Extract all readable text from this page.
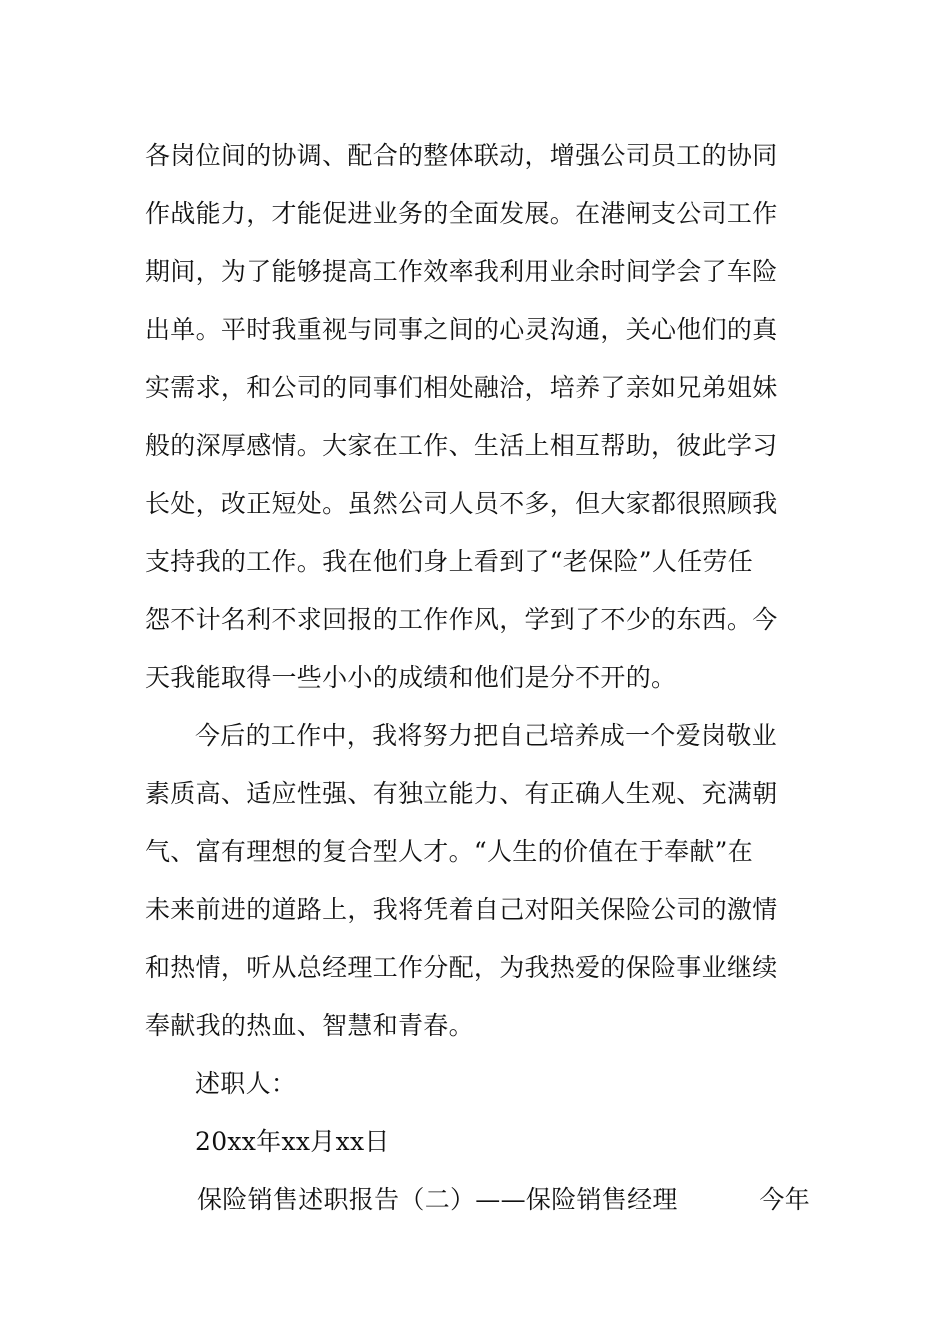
各岗位间的协调、配合的整体联动，增强公司员工的协同
作战能力，才能促进业务的全面发展。在港闸支公司工作
期间，为了能够提高工作效率我利用业余时间学会了车险
出单。平时我重视与同事之间的心灵沟通，关心他们的真
实需求，和公司的同事们相处融洽，培养了亲如兄弟姐妹
般的深厚感情。大家在工作、生活上相互帮助，彼此学习
长处，改正短处。虽然公司人员不多，但大家都很照顾我
支持我的工作。我在他们身上看到了“老保险”人任劳任
怨不计名利不求回报的工作作风，学到了不少的东西。今
天我能取得一些小小的成绩和他们是分不开的。
今后的工作中，我将努力把自己培养成一个爱岗敬业
素质高、适应性强、有独立能力、有正确人生观、充满朝
气、富有理想的复合型人才。“人生的价值在于奉献”在
未来前进的道路上，我将凭着自己对阳关保险公司的激情
和热情，听从总经理工作分配，为我热爱的保险事业继续
奉献我的热血、智慧和青春。
述职人：
20xx年xx月xx日
保险销售述职报告（二）——保险销售经理	今年
